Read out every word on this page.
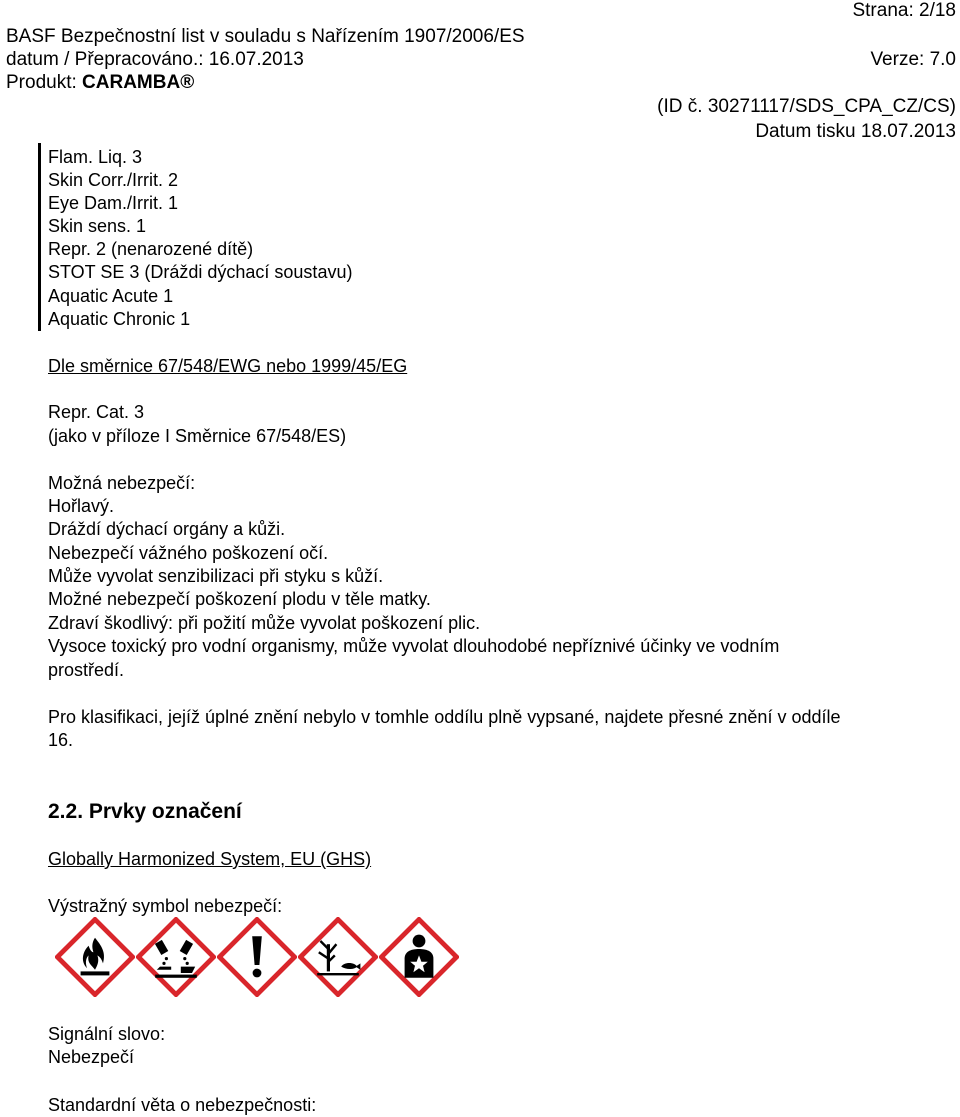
Strana: 2/18
BASF Bezpečnostní list v souladu s Nařízením 1907/2006/ES
datum / Přepracováno.: 16.07.2013	Verze: 7.0
Produkt: CARAMBA®
(ID č. 30271117/SDS_CPA_CZ/CS)
Datum tisku 18.07.2013
Flam. Liq. 3
Skin Corr./Irrit. 2
Eye Dam./Irrit. 1
Skin sens. 1
Repr. 2 (nenarozené dítě)
STOT SE 3 (Dráždi dýchací soustavu)
Aquatic Acute 1
Aquatic Chronic 1
Dle směrnice 67/548/EWG nebo 1999/45/EG
Repr. Cat. 3
(jako v příloze I Směrnice 67/548/ES)
Možná nebezpečí:
Hořlavý.
Dráždí dýchací orgány a kůži.
Nebezpečí vážného poškození očí.
Může vyvolat senzibilizaci při styku s kůží.
Možné nebezpečí poškození plodu v těle matky.
Zdraví škodlivý: při požití může vyvolat poškození plic.
Vysoce toxický pro vodní organismy, může vyvolat dlouhodobé nepříznivé účinky ve vodním
prostředí.
Pro klasifikaci, jejíž úplné znění nebylo v tomhle oddílu plně vypsané, najdete přesné znění v oddíle
16.
2.2. Prvky označení
Globally Harmonized System, EU (GHS)
Výstražný symbol nebezpečí:
Signální slovo:
Nebezpečí
Standardní věta o nebezpečnosti:
